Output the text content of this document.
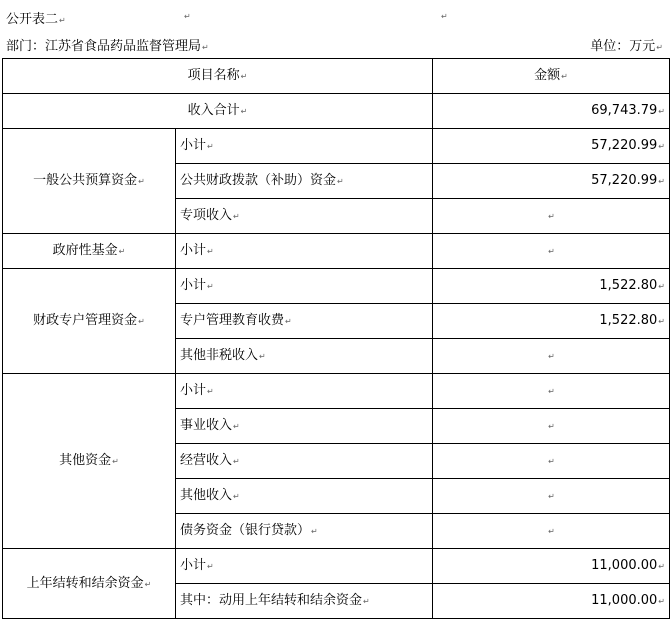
公开表二↵	↵	↵
部门：江苏省食品药品监督管理局↵	单位：万元↵
项目名称↵		金额↵
收入合计↵		69,743.79↵
一般公共预算资金↵	小计↵	57,220.99↵
	公共财政拨款（补助）资金↵	57,220.99↵
	专项收入↵	↵
政府性基金↵	小计↵	↵
财政专户管理资金↵	小计↵	1,522.80↵
	专户管理教育收费↵	1,522.80↵
	其他非税收入↵	↵
其他资金↵	小计↵	↵
	事业收入↵	↵
	经营收入↵	↵
	其他收入↵	↵
	债务资金（银行贷款）↵	↵
上年结转和结余资金↵	小计↵	11,000.00↵
	其中：动用上年结转和结余资金↵	11,000.00↵
